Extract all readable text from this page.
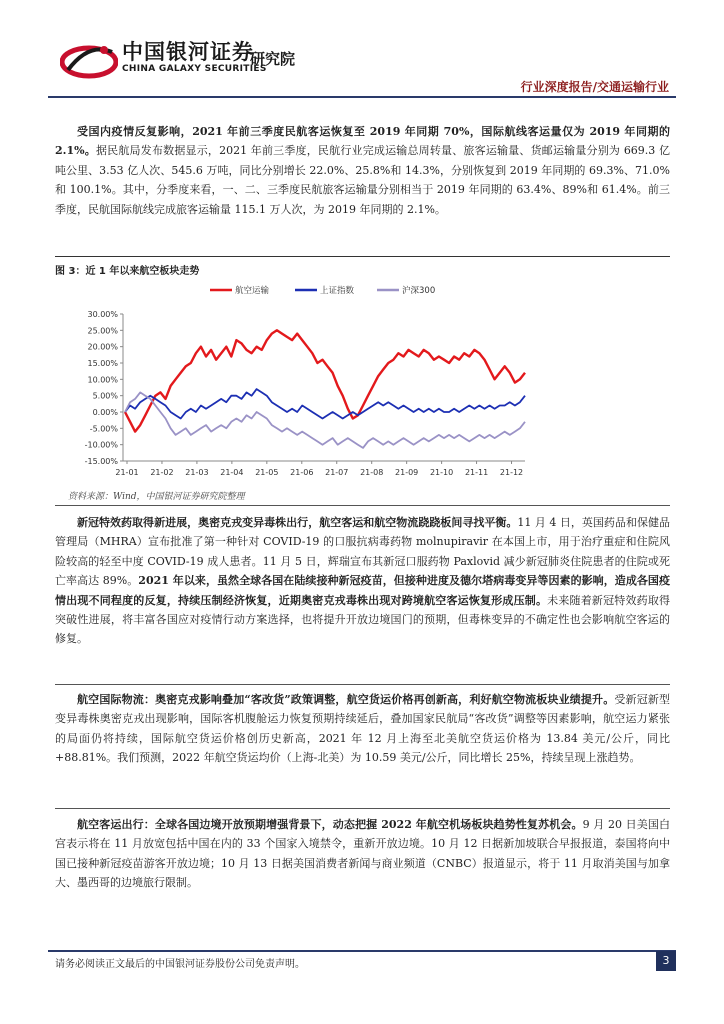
中国银河证券
CHINA GALAXY SECURITIES
研究院
行业深度报告/交通运输行业

受国内疫情反复影响，2021 年前三季度民航客运恢复至 2019 年同期 70%，国际航线客运量仅为 2019 年同期的 2.1%。据民航局发布数据显示，2021 年前三季度，民航行业完成运输总周转量、旅客运输量、货邮运输量分别为 669.3 亿吨公里、3.53 亿人次、545.6 万吨，同比分别增长 22.0%、25.8%和 14.3%，分别恢复到 2019 年同期的 69.3%、71.0%和 100.1%。其中，分季度来看，一、二、三季度民航旅客运输量分别相当于 2019 年同期的 63.4%、89%和 61.4%。前三季度，民航国际航线完成旅客运输量 115.1 万人次，为 2019 年同期的 2.1%。

图 3：近 1 年以来航空板块走势
30.00%
25.00%
20.00%
15.00%
10.00%
5.00%
0.00%
-5.00%
-10.00%
-15.00%
21-01 21-02 21-03 21-04 21-05 21-06 21-07 21-08 21-09 21-10 21-11 21-12
航空运输	上证指数	沪深300
资料来源：Wind，中国银河证券研究院整理

新冠特效药取得新进展，奥密克戎变异毒株出行，航空客运和航空物流跷跷板间寻找平衡。11 月 4 日，英国药品和保健品管理局（MHRA）宣布批准了第一种针对 COVID-19 的口服抗病毒药物 molnupiravir 在本国上市，用于治疗重症和住院风险较高的轻至中度 COVID-19 成人患者。11 月 5 日，辉瑞宣布其新冠口服药物 Paxlovid 减少新冠肺炎住院患者的住院或死亡率高达 89%。2021 年以来，虽然全球各国在陆续接种新冠疫苗，但接种进度及德尔塔病毒变异等因素的影响，造成各国疫情出现不同程度的反复，持续压制经济恢复，近期奥密克戎毒株出现对跨境航空客运恢复形成压制。未来随着新冠特效药取得突破性进展，将丰富各国应对疫情行动方案选择，也将提升开放边境国门的预期，但毒株变异的不确定性也会影响航空客运的修复。

航空国际物流：奥密克戎影响叠加“客改货”政策调整，航空货运价格再创新高，利好航空物流板块业绩提升。受新冠新型变异毒株奥密克戎出现影响，国际客机腹舱运力恢复预期持续延后，叠加国家民航局“客改货”调整等因素影响，航空运力紧张的局面仍将持续，国际航空货运价格创历史新高，2021 年 12 月上海至北美航空货运价格为 13.84 美元/公斤，同比+88.81%。我们预测，2022 年航空货运均价（上海-北美）为 10.59 美元/公斤，同比增长 25%，持续呈现上涨趋势。

航空客运出行：全球各国边境开放预期增强背景下，动态把握 2022 年航空机场板块趋势性复苏机会。9 月 20 日美国白宫表示将在 11 月放宽包括中国在内的 33 个国家入境禁令，重新开放边境。10 月 12 日据新加坡联合早报报道，泰国将向中国已接种新冠疫苗游客开放边境；10 月 13 日据美国消费者新闻与商业频道（CNBC）报道显示，将于 11 月取消美国与加拿大、墨西哥的边境旅行限制。

请务必阅读正文最后的中国银河证券股份公司免责声明。	3
